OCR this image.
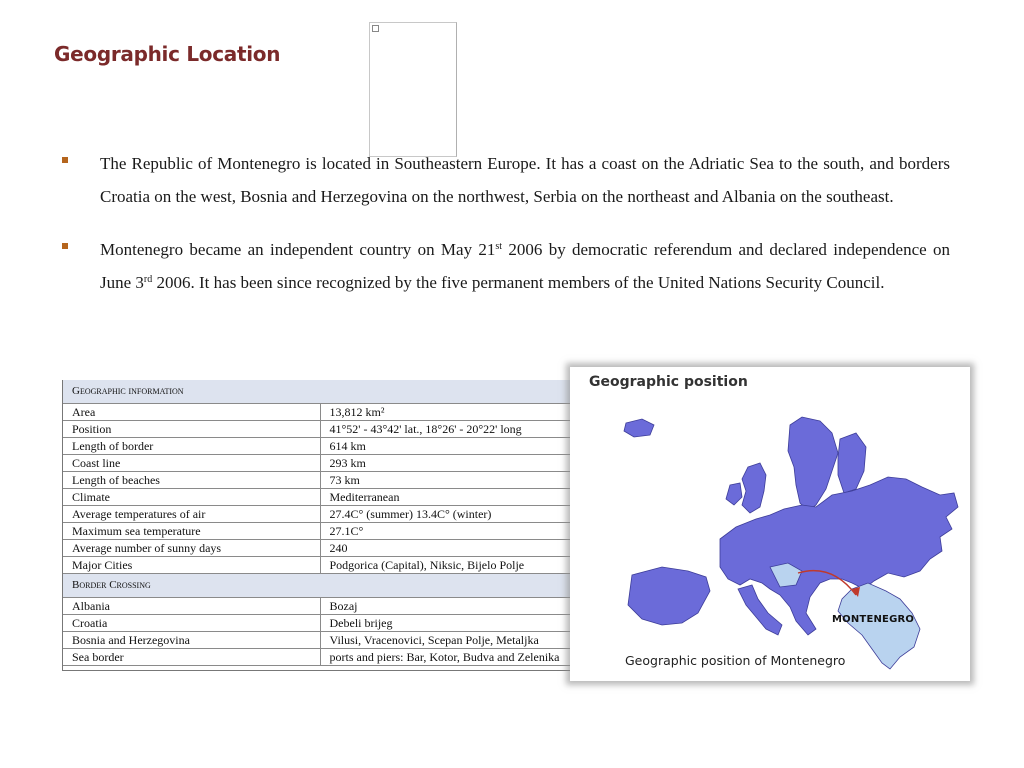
Geographic Location
The Republic of Montenegro is located in Southeastern Europe. It has a coast on the Adriatic Sea to the south, and borders Croatia on the west, Bosnia and Herzegovina on the northwest, Serbia on the northeast and Albania on the southeast.
Montenegro became an independent country on May 21st 2006 by democratic referendum and declared independence on June 3rd 2006. It has been since recognized by the five permanent members of the United Nations Security Council.
Geographic information	
Area	13,812 km²
Position	41°52' - 43°42' lat., 18°26' - 20°22' long
Length of border	614 km
Coast line	293 km
Length of beaches	73 km
Climate	Mediterranean
Average temperatures of air	27.4C° (summer) 13.4C° (winter)
Maximum sea temperature	27.1C°
Average number of sunny days	240
Major Cities	Podgorica (Capital), Niksic, Bijelo Polje
Border Crossing	
Albania	Bozaj
Croatia	Debeli brijeg
Bosnia and Herzegovina	Vilusi, Vracenovici, Scepan Polje, Metaljka
Sea border	ports and piers: Bar, Kotor, Budva and Zelenika
Geographic position
MONTENEGRO
Geographic position of Montenegro
